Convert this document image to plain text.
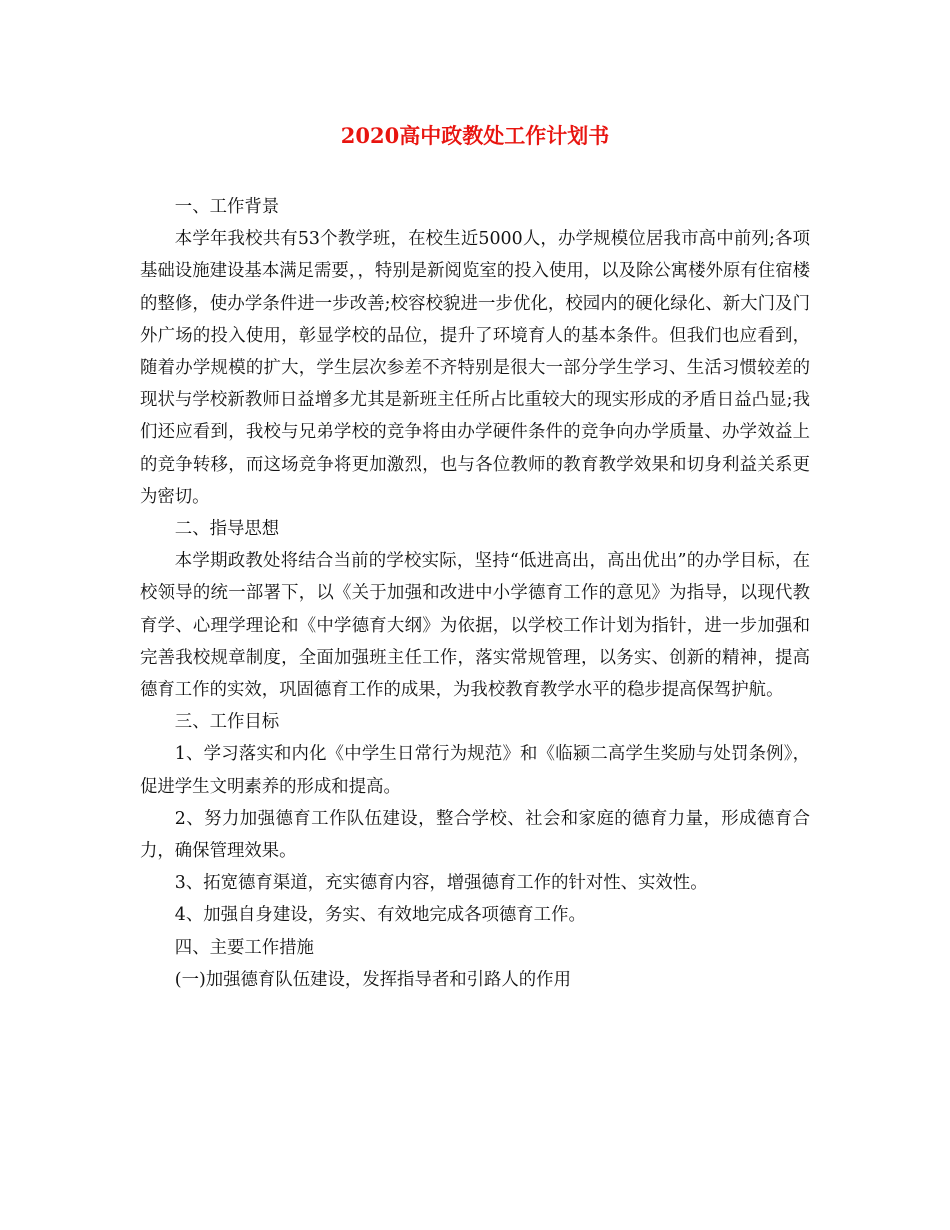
2020高中政教处工作计划书

一、工作背景

本学年我校共有53个教学班，在校生近5000人，办学规模位居我市高中前列;各项基础设施建设基本满足需要，，特别是新阅览室的投入使用，以及除公寓楼外原有住宿楼的整修，使办学条件进一步改善;校容校貌进一步优化，校园内的硬化绿化、新大门及门外广场的投入使用，彰显学校的品位，提升了环境育人的基本条件。但我们也应看到，随着办学规模的扩大，学生层次参差不齐特别是很大一部分学生学习、生活习惯较差的现状与学校新教师日益增多尤其是新班主任所占比重较大的现实形成的矛盾日益凸显;我们还应看到，我校与兄弟学校的竞争将由办学硬件条件的竞争向办学质量、办学效益上的竞争转移，而这场竞争将更加激烈，也与各位教师的教育教学效果和切身利益关系更为密切。

二、指导思想

本学期政教处将结合当前的学校实际，坚持“低进高出，高出优出”的办学目标，在校领导的统一部署下，以《关于加强和改进中小学德育工作的意见》为指导，以现代教育学、心理学理论和《中学德育大纲》为依据，以学校工作计划为指针，进一步加强和完善我校规章制度，全面加强班主任工作，落实常规管理，以务实、创新的精神，提高德育工作的实效，巩固德育工作的成果，为我校教育教学水平的稳步提高保驾护航。

三、工作目标

1、学习落实和内化《中学生日常行为规范》和《临颍二高学生奖励与处罚条例》，促进学生文明素养的形成和提高。

2、努力加强德育工作队伍建设，整合学校、社会和家庭的德育力量，形成德育合力，确保管理效果。

3、拓宽德育渠道，充实德育内容，增强德育工作的针对性、实效性。

4、加强自身建设，务实、有效地完成各项德育工作。

四、主要工作措施

(一)加强德育队伍建设，发挥指导者和引路人的作用
